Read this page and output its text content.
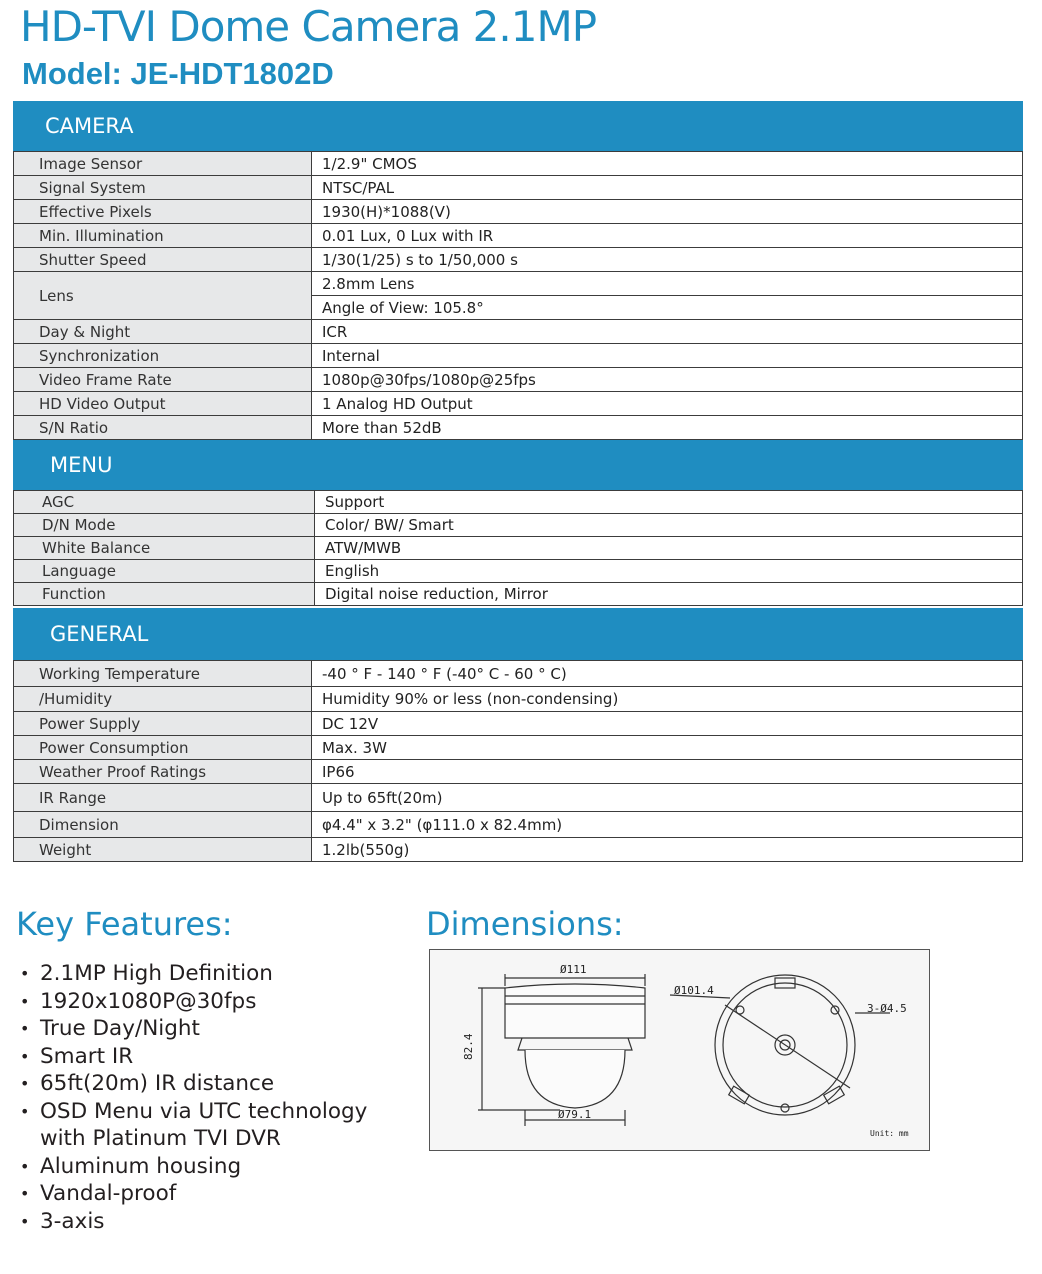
HD-TVI Dome Camera 2.1MP
Model: JE-HDT1802D
CAMERA
Image Sensor	1/2.9" CMOS
Signal System	NTSC/PAL
Effective Pixels	1930(H)*1088(V)
Min. Illumination	0.01 Lux, 0 Lux with IR
Shutter Speed	1/30(1/25) s to 1/50,000 s
Lens	2.8mm Lens
	Angle of View: 105.8°
Day & Night	ICR
Synchronization	Internal
Video Frame Rate	1080p@30fps/1080p@25fps
HD Video Output	1 Analog HD Output
S/N Ratio	More than 52dB
MENU
AGC	Support
D/N Mode	Color/ BW/ Smart
White Balance	ATW/MWB
Language	English
Function	Digital noise reduction, Mirror
GENERAL
Working Temperature	-40 ° F - 140 ° F (-40° C - 60 ° C)
/Humidity	Humidity 90% or less (non-condensing)
Power Supply	DC 12V
Power Consumption	Max. 3W
Weather Proof Ratings	IP66
IR Range	Up to 65ft(20m)
Dimension	φ4.4" x 3.2" (φ111.0 x 82.4mm)
Weight	1.2lb(550g)
Key Features:
• 2.1MP High Definition
• 1920x1080P@30fps
• True Day/Night
• Smart IR
• 65ft(20m) IR distance
• OSD Menu via UTC technology
with Platinum TVI DVR
• Aluminum housing
• Vandal-proof
• 3-axis
Dimensions:
Ø111
82.4
Ø79.1
Ø101.4
3-Ø4.5
Unit: mm
